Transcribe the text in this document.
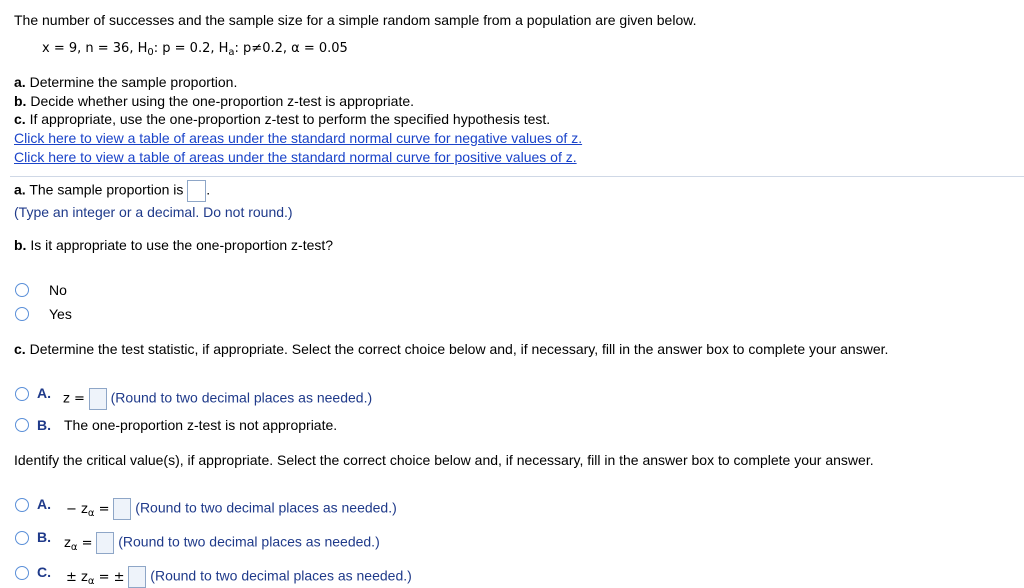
The number of successes and the sample size for a simple random sample from a population are given below.
x = 9, n = 36, $H_0$: p = 0.2, $H_a$: p≠0.2, α = 0.05
a. Determine the sample proportion.
b. Decide whether using the one-proportion z-test is appropriate.
c. If appropriate, use the one-proportion z-test to perform the specified hypothesis test.
Click here to view a table of areas under the standard normal curve for negative values of z.
Click here to view a table of areas under the standard normal curve for positive values of z.
a. The sample proportion is .
(Type an integer or a decimal. Do not round.)
b. Is it appropriate to use the one-proportion z-test?
No
Yes
c. Determine the test statistic, if appropriate. Select the correct choice below and, if necessary, fill in the answer box to complete your answer.
A. z = (Round to two decimal places as needed.)
B. The one-proportion z-test is not appropriate.
Identify the critical value(s), if appropriate. Select the correct choice below and, if necessary, fill in the answer box to complete your answer.
A. − $z_\alpha$ = (Round to two decimal places as needed.)
B. $z_\alpha$ = (Round to two decimal places as needed.)
C. ± $z_\alpha$ = ± (Round to two decimal places as needed.)
